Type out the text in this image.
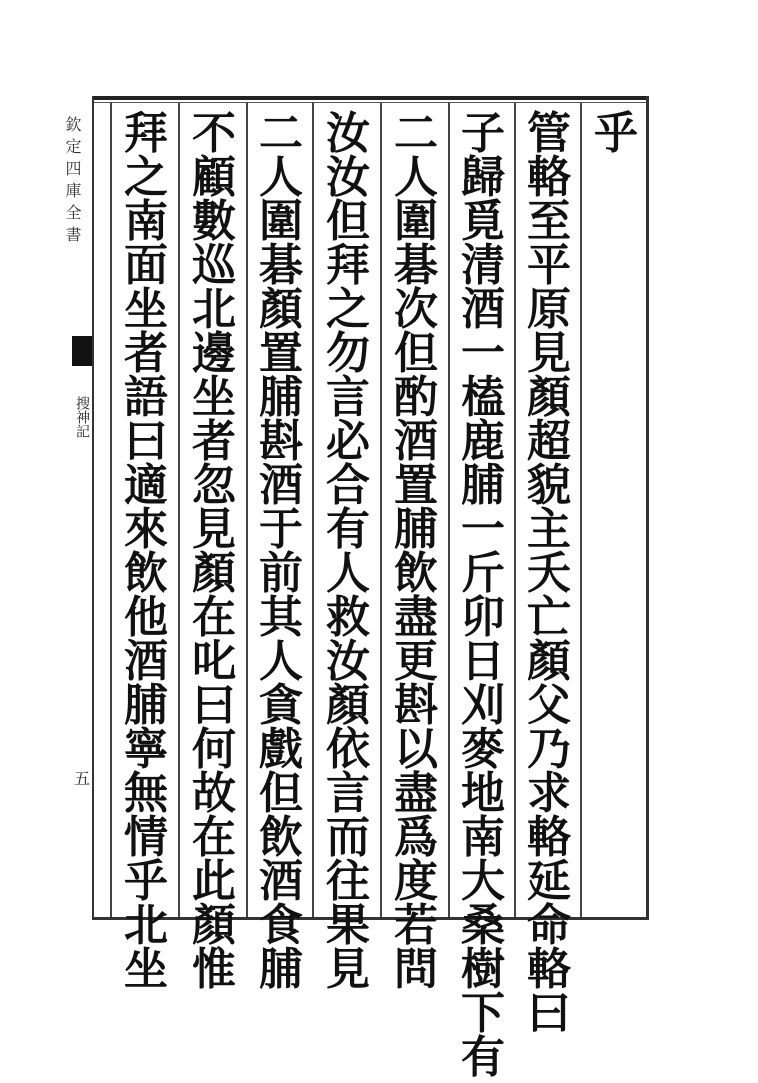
欽定四庫全書
搜神記
五
乎
管
輅
至
平
原
見
顏
超
貌
主
夭
亡
顏
父
乃
求
輅
延
命
輅
曰
子
歸
覓
清
酒
一
榼
鹿
脯
一
斤
卯
日
刈
麥
地
南
大
桑
樹
下
有
二
人
圍
碁
次
但
酌
酒
置
脯
飲
盡
更
斟
以
盡
爲
度
若
問
汝
汝
但
拜
之
勿
言
必
合
有
人
救
汝
顏
依
言
而
往
果
見
二
人
圍
碁
顏
置
脯
斟
酒
于
前
其
人
貪
戲
但
飲
酒
食
脯
不
顧
數
巡
北
邊
坐
者
忽
見
顏
在
叱
曰
何
故
在
此
顏
惟
拜
之
南
面
坐
者
語
曰
適
來
飲
他
酒
脯
寧
無
情
乎
北
坐
